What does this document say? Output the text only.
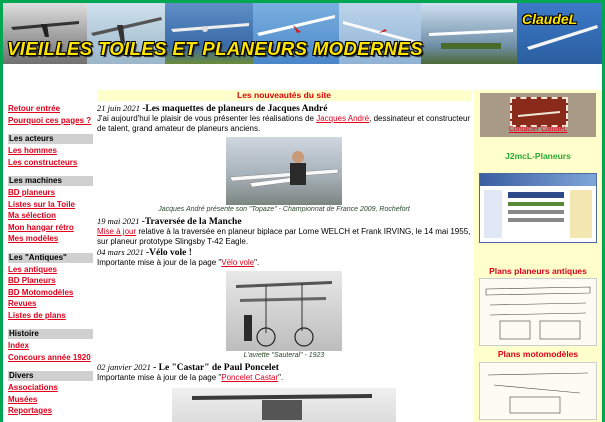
VIEILLES TOILES ET PLANEURS MODERNES
ClaudeL
Retour entrée
Pourquoi ces pages ?
Les acteurs
Les hommes
Les constructeurs
Les machines
BD planeurs
Listes sur la Toile
Ma sélection
Mon hangar rétro
Mes modèles
Les "Antiques"
Les antiques
BD Planeurs
BD Motomodèles
Revues
Listes de plans
Histoire
Index
Concours année 1920
Divers
Associations
Musées
Reportages
Les nouveautés du site
21 juin 2021 -Les maquettes de planeurs de Jacques André
J'ai aujourd'hui le plaisir de vous présenter les réalisations de Jacques André, dessinateur et constructeur de talent, grand amateur de planeurs anciens.
Jacques André présente son "Topaze" - Championnat de France 2009, Rochefort
19 mai 2021 -Traversée de la Manche
Mise à jour relative à la traversée en planeur biplace par Lorne WELCH et Frank IRVING, le 14 mai 1955, sur planeur prototype Slingsby T-42 Eagle.
04 mars 2021 -Vélo vole !
Importante mise à jour de la page "Vélo vole".
L'aviette "Sauteral" - 1923
02 janvier 2021 - Le "Castar" de Paul Poncelet
Importante mise à jour de la page "Poncelet Castar".
Contacter ClaudeL
J2mcL-Planeurs
Plans planeurs antiques
Plans motomodèles
